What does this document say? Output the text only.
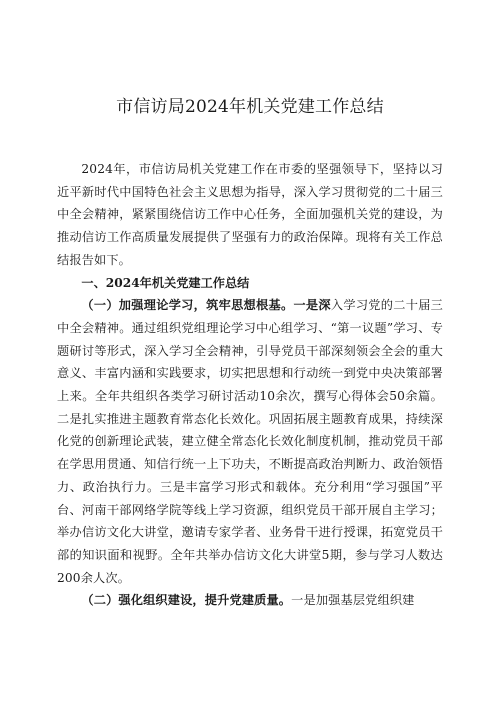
市信访局2024年机关党建工作总结

2024年，市信访局机关党建工作在市委的坚强领导下，坚持以习近平新时代中国特色社会主义思想为指导，深入学习贯彻党的二十届三中全会精神，紧紧围绕信访工作中心任务，全面加强机关党的建设，为推动信访工作高质量发展提供了坚强有力的政治保障。现将有关工作总结报告如下。

一、2024年机关党建工作总结

（一）加强理论学习，筑牢思想根基。一是深入学习党的二十届三中全会精神。通过组织党组理论学习中心组学习、“第一议题”学习、专题研讨等形式，深入学习全会精神，引导党员干部深刻领会全会的重大意义、丰富内涵和实践要求，切实把思想和行动统一到党中央决策部署上来。全年共组织各类学习研讨活动10余次，撰写心得体会50余篇。二是扎实推进主题教育常态化长效化。巩固拓展主题教育成果，持续深化党的创新理论武装，建立健全常态化长效化制度机制，推动党员干部在学思用贯通、知信行统一上下功夫，不断提高政治判断力、政治领悟力、政治执行力。三是丰富学习形式和载体。充分利用“学习强国”平台、河南干部网络学院等线上学习资源，组织党员干部开展自主学习；举办信访文化大讲堂，邀请专家学者、业务骨干进行授课，拓宽党员干部的知识面和视野。全年共举办信访文化大讲堂5期，参与学习人数达200余人次。

（二）强化组织建设，提升党建质量。一是加强基层党组织建
